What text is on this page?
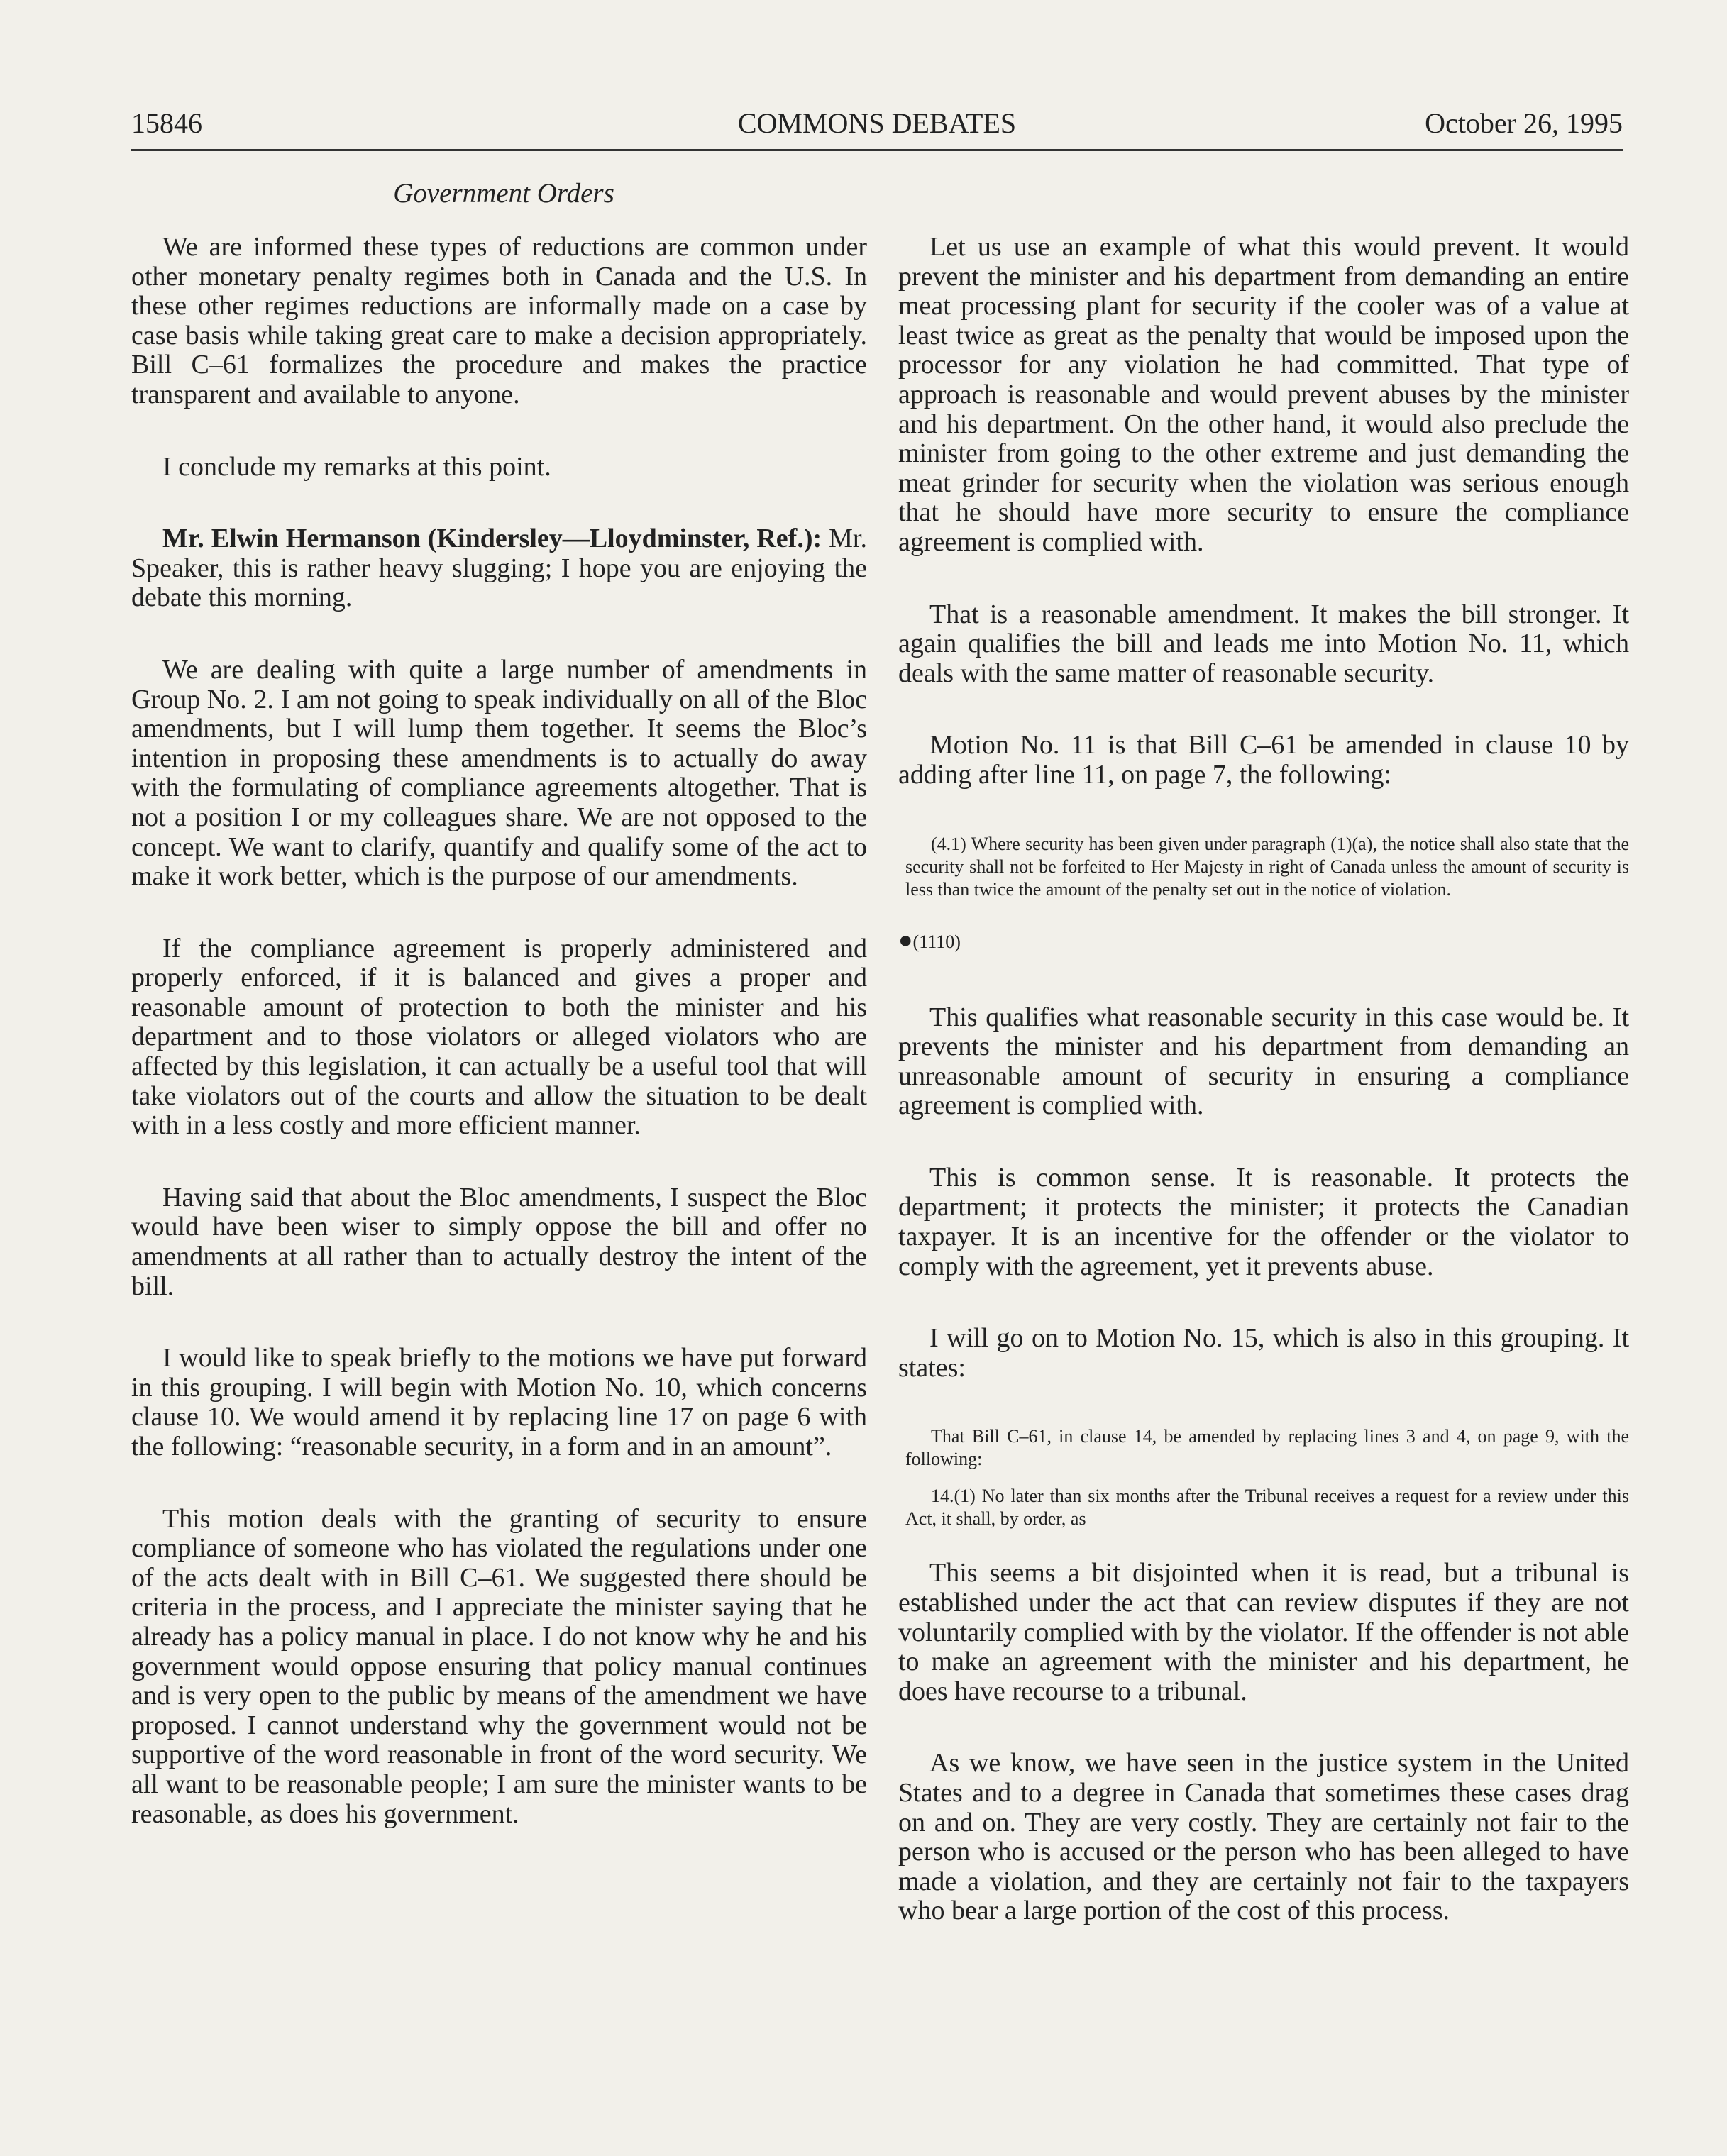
15846	COMMONS DEBATES	October 26, 1995
Government Orders

We are informed these types of reductions are common under other monetary penalty regimes both in Canada and the U.S. In these other regimes reductions are informally made on a case by case basis while taking great care to make a decision appropriately. Bill C–61 formalizes the procedure and makes the practice transparent and available to anyone.

I conclude my remarks at this point.

Mr. Elwin Hermanson (Kindersley—Lloydminster, Ref.): Mr. Speaker, this is rather heavy slugging; I hope you are enjoying the debate this morning.

We are dealing with quite a large number of amendments in Group No. 2. I am not going to speak individually on all of the Bloc amendments, but I will lump them together. It seems the Bloc’s intention in proposing these amendments is to actually do away with the formulating of compliance agreements altogether. That is not a position I or my colleagues share. We are not opposed to the concept. We want to clarify, quantify and qualify some of the act to make it work better, which is the purpose of our amendments.

If the compliance agreement is properly administered and properly enforced, if it is balanced and gives a proper and reasonable amount of protection to both the minister and his department and to those violators or alleged violators who are affected by this legislation, it can actually be a useful tool that will take violators out of the courts and allow the situation to be dealt with in a less costly and more efficient manner.

Having said that about the Bloc amendments, I suspect the Bloc would have been wiser to simply oppose the bill and offer no amendments at all rather than to actually destroy the intent of the bill.

I would like to speak briefly to the motions we have put forward in this grouping. I will begin with Motion No. 10, which concerns clause 10. We would amend it by replacing line 17 on page 6 with the following: “reasonable security, in a form and in an amount”.

This motion deals with the granting of security to ensure compliance of someone who has violated the regulations under one of the acts dealt with in Bill C–61. We suggested there should be criteria in the process, and I appreciate the minister saying that he already has a policy manual in place. I do not know why he and his government would oppose ensuring that policy manual continues and is very open to the public by means of the amendment we have proposed. I cannot understand why the government would not be supportive of the word reasonable in front of the word security. We all want to be reasonable people; I am sure the minister wants to be reasonable, as does his government.

Let us use an example of what this would prevent. It would prevent the minister and his department from demanding an entire meat processing plant for security if the cooler was of a value at least twice as great as the penalty that would be imposed upon the processor for any violation he had committed. That type of approach is reasonable and would prevent abuses by the minister and his department. On the other hand, it would also preclude the minister from going to the other extreme and just demanding the meat grinder for security when the violation was serious enough that he should have more security to ensure the compliance agreement is complied with.

That is a reasonable amendment. It makes the bill stronger. It again qualifies the bill and leads me into Motion No. 11, which deals with the same matter of reasonable security.

Motion No. 11 is that Bill C–61 be amended in clause 10 by adding after line 11, on page 7, the following:

(4.1) Where security has been given under paragraph (1)(a), the notice shall also state that the security shall not be forfeited to Her Majesty in right of Canada unless the amount of security is less than twice the amount of the penalty set out in the notice of violation.

●(1110)

This qualifies what reasonable security in this case would be. It prevents the minister and his department from demanding an unreasonable amount of security in ensuring a compliance agreement is complied with.

This is common sense. It is reasonable. It protects the department; it protects the minister; it protects the Canadian taxpayer. It is an incentive for the offender or the violator to comply with the agreement, yet it prevents abuse.

I will go on to Motion No. 15, which is also in this grouping. It states:

That Bill C–61, in clause 14, be amended by replacing lines 3 and 4, on page 9, with the following:

14.(1) No later than six months after the Tribunal receives a request for a review under this Act, it shall, by order, as

This seems a bit disjointed when it is read, but a tribunal is established under the act that can review disputes if they are not voluntarily complied with by the violator. If the offender is not able to make an agreement with the minister and his department, he does have recourse to a tribunal.

As we know, we have seen in the justice system in the United States and to a degree in Canada that sometimes these cases drag on and on. They are very costly. They are certainly not fair to the person who is accused or the person who has been alleged to have made a violation, and they are certainly not fair to the taxpayers who bear a large portion of the cost of this process.
